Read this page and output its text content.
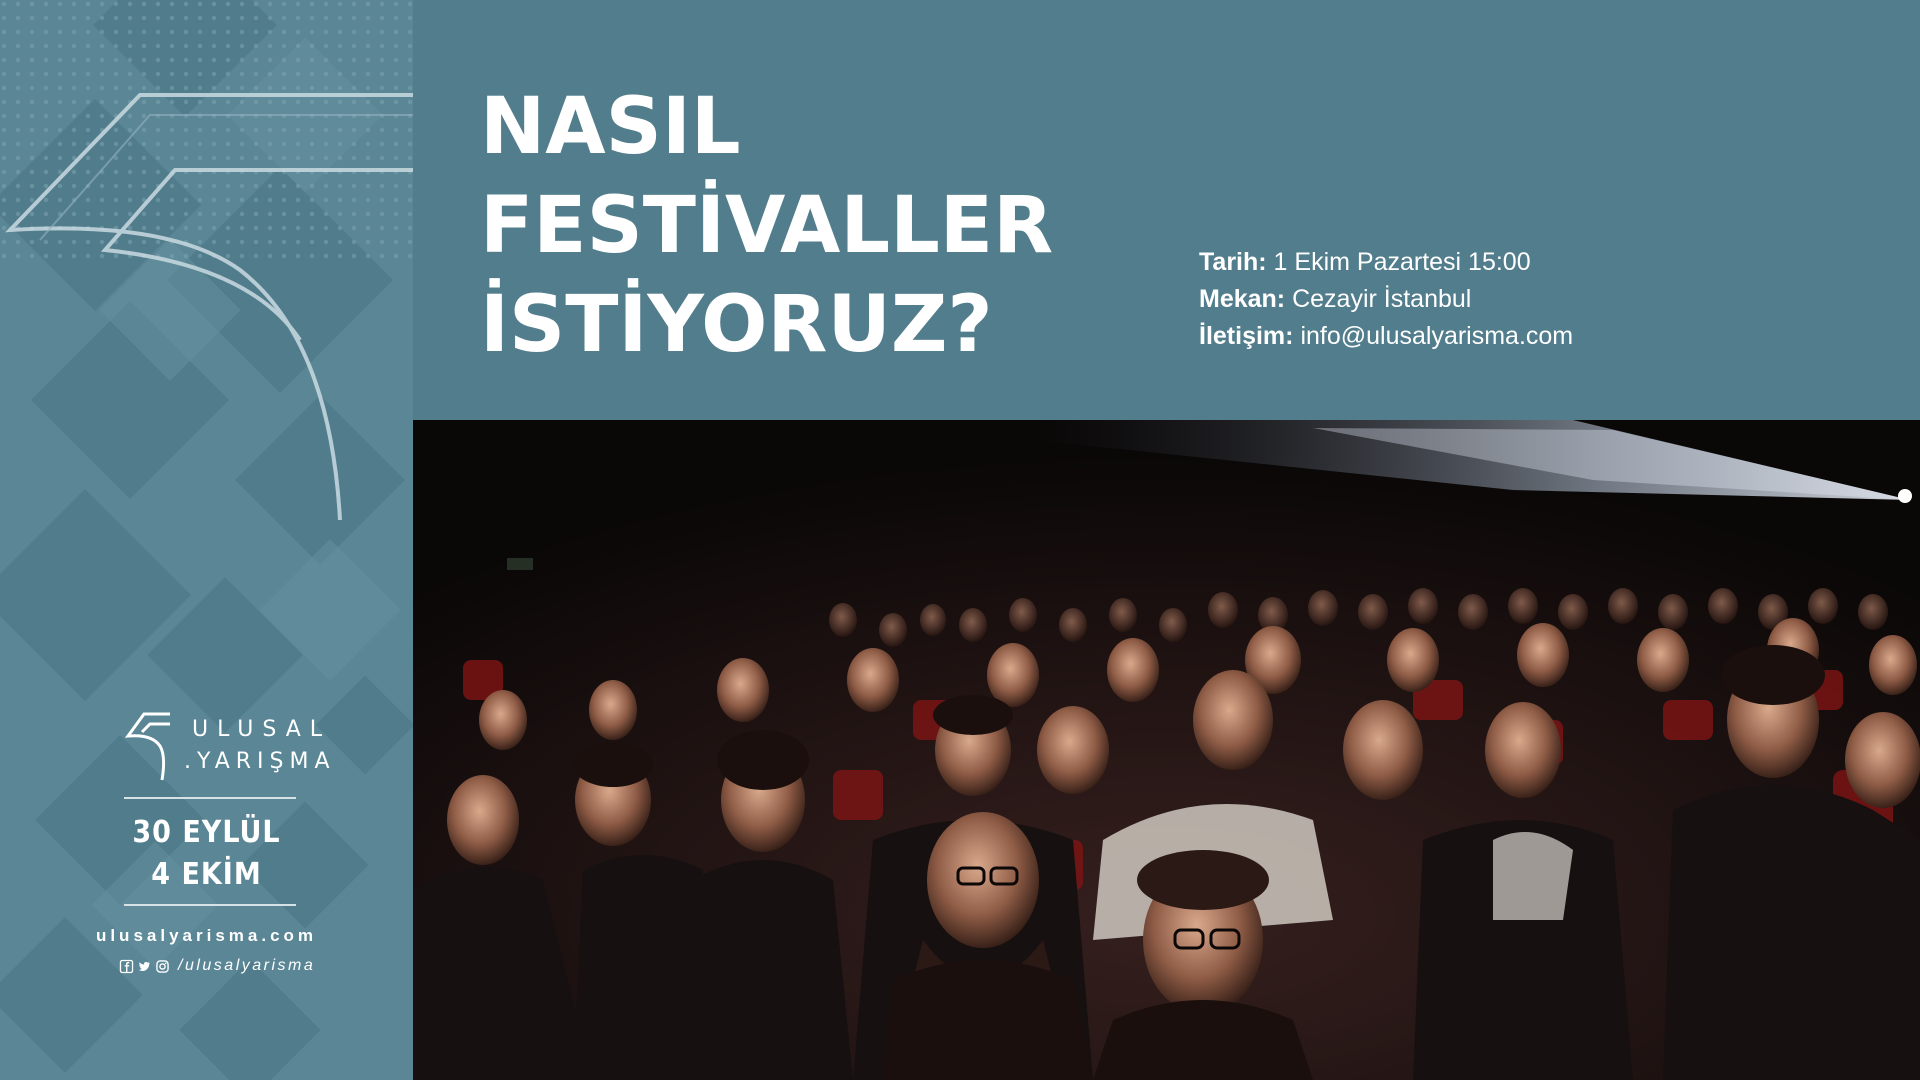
ULUSAL
.YARIŞMA
30 EYLÜL
4 EKİM
ulusalyarisma.com
/ulusalyarisma
NASIL
FESTİVALLER
İSTİYORUZ?
Tarih: 1 Ekim Pazartesi 15:00
Mekan: Cezayir İstanbul
İletişim: info@ulusalyarisma.com
